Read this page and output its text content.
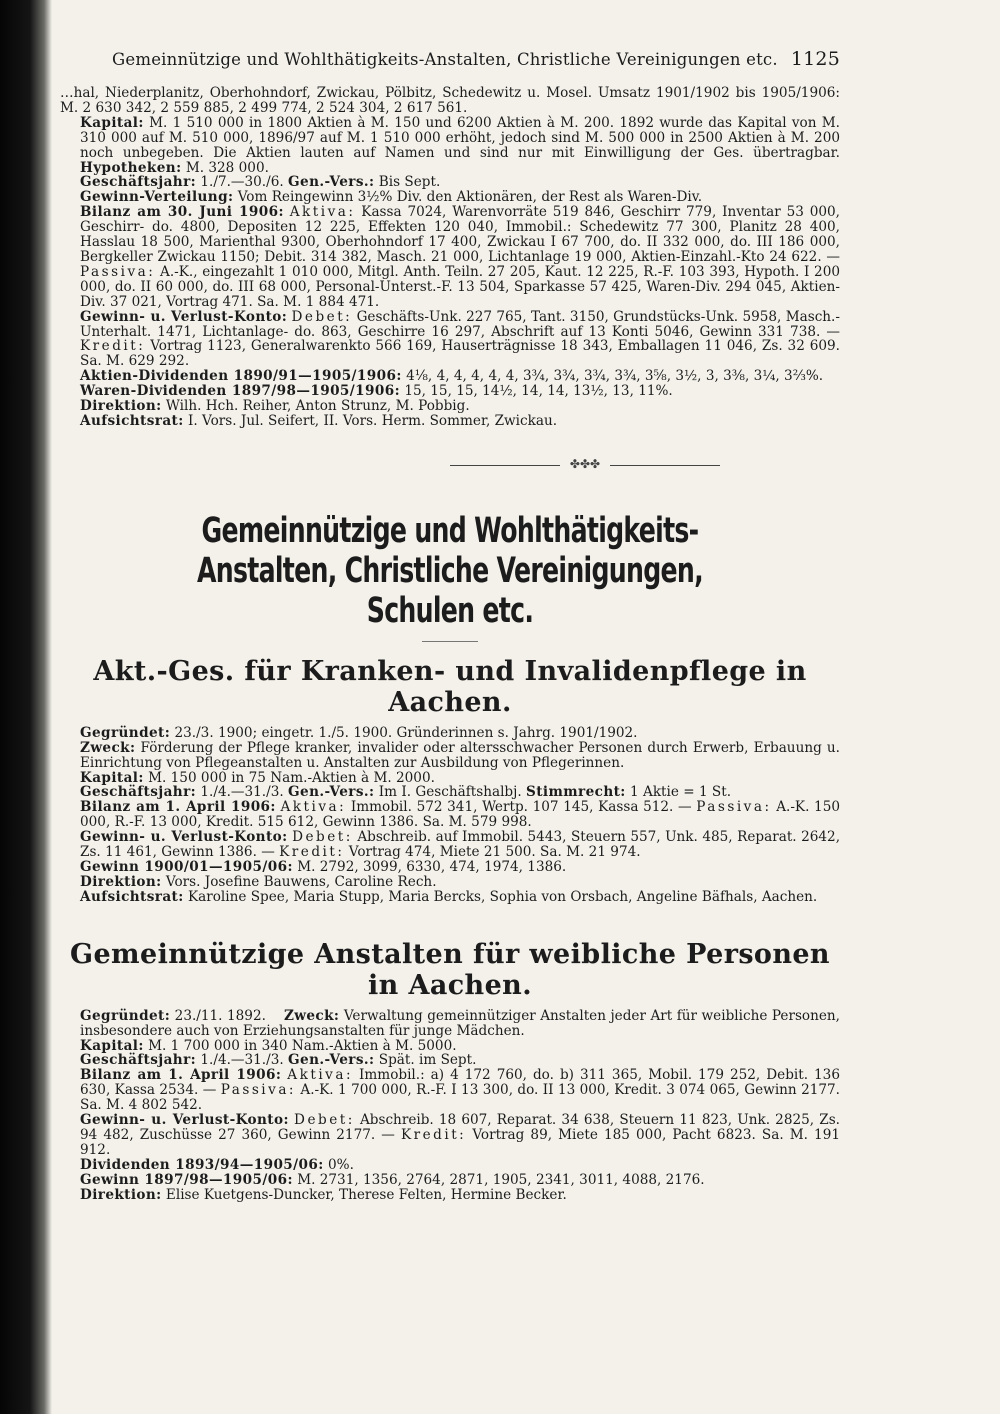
Gemeinnützige und Wohlthätigkeits-Anstalten, Christliche Vereinigungen etc. 1125

…hal, Niederplanitz, Oberhohndorf, Zwickau, Pölbitz, Schedewitz u. Mosel. Umsatz 1901/1902 bis 1905/1906: M. 2 630 342, 2 559 885, 2 499 774, 2 524 304, 2 617 561.

Kapital: M. 1 510 000 in 1800 Aktien à M. 150 und 6200 Aktien à M. 200. 1892 wurde das Kapital von M. 310 000 auf M. 510 000, 1896/97 auf M. 1 510 000 erhöht, jedoch sind M. 500 000 in 2500 Aktien à M. 200 noch unbegeben. Die Aktien lauten auf Namen und sind nur mit Einwilligung der Ges. übertragbar. Hypotheken: M. 328 000.

Geschäftsjahr: 1./7.—30./6. Gen.-Vers.: Bis Sept.

Gewinn-Verteilung: Vom Reingewinn 3½% Div. den Aktionären, der Rest als Waren-Div.

Bilanz am 30. Juni 1906: Aktiva: Kassa 7024, Warenvorräte 519 846, Geschirr 779, Inventar 53 000, Geschirr- do. 4800, Depositen 12 225, Effekten 120 040, Immobil.: Schedewitz 77 300, Planitz 28 400, Hasslau 18 500, Marienthal 9300, Oberhohndorf 17 400, Zwickau I 67 700, do. II 332 000, do. III 186 000, Bergkeller Zwickau 1150; Debit. 314 382, Masch. 21 000, Lichtanlage 19 000, Aktien-Einzahl.-Kto 24 622. — Passiva: A.-K., eingezahlt 1 010 000, Mitgl. Anth. Teiln. 27 205, Kaut. 12 225, R.-F. 103 393, Hypoth. I 200 000, do. II 60 000, do. III 68 000, Personal-Unterst.-F. 13 504, Sparkasse 57 425, Waren-Div. 294 045, Aktien-Div. 37 021, Vortrag 471. Sa. M. 1 884 471.

Gewinn- u. Verlust-Konto: Debet: Geschäfts-Unk. 227 765, Tant. 3150, Grundstücks-Unk. 5958, Masch.-Unterhalt. 1471, Lichtanlage- do. 863, Geschirre 16 297, Abschrift auf 13 Konti 5046, Gewinn 331 738. — Kredit: Vortrag 1123, Generalwarenkto 566 169, Hauserträgnisse 18 343, Emballagen 11 046, Zs. 32 609. Sa. M. 629 292.

Aktien-Dividenden 1890/91—1905/1906: 4⅛, 4, 4, 4, 4, 4, 3¾, 3¾, 3¾, 3¾, 3⅝, 3½, 3, 3⅜, 3¼, 3⅔%.

Waren-Dividenden 1897/98—1905/1906: 15, 15, 15, 14½, 14, 14, 13½, 13, 11%.

Direktion: Wilh. Hch. Reiher, Anton Strunz, M. Pobbig.

Aufsichtsrat: I. Vors. Jul. Seifert, II. Vors. Herm. Sommer, Zwickau.

✤✤✤
Gemeinnützige und Wohlthätigkeits-Anstalten, Christliche Vereinigungen, Schulen etc.
Akt.-Ges. für Kranken- und Invalidenpflege in Aachen.

Gegründet: 23./3. 1900; eingetr. 1./5. 1900. Gründerinnen s. Jahrg. 1901/1902.

Zweck: Förderung der Pflege kranker, invalider oder altersschwacher Personen durch Erwerb, Erbauung u. Einrichtung von Pflegeanstalten u. Anstalten zur Ausbildung von Pflegerinnen.

Kapital: M. 150 000 in 75 Nam.-Aktien à M. 2000.

Geschäftsjahr: 1./4.—31./3. Gen.-Vers.: Im I. Geschäftshalbj. Stimmrecht: 1 Aktie = 1 St.

Bilanz am 1. April 1906: Aktiva: Immobil. 572 341, Wertp. 107 145, Kassa 512. — Passiva: A.-K. 150 000, R.-F. 13 000, Kredit. 515 612, Gewinn 1386. Sa. M. 579 998.

Gewinn- u. Verlust-Konto: Debet: Abschreib. auf Immobil. 5443, Steuern 557, Unk. 485, Reparat. 2642, Zs. 11 461, Gewinn 1386. — Kredit: Vortrag 474, Miete 21 500. Sa. M. 21 974.

Gewinn 1900/01—1905/06: M. 2792, 3099, 6330, 474, 1974, 1386.

Direktion: Vors. Josefine Bauwens, Caroline Rech.

Aufsichtsrat: Karoline Spee, Maria Stupp, Maria Bercks, Sophia von Orsbach, Angeline Bäfhals, Aachen.

Gemeinnützige Anstalten für weibliche Personen in Aachen.

Gegründet: 23./11. 1892. Zweck: Verwaltung gemeinnütziger Anstalten jeder Art für weibliche Personen, insbesondere auch von Erziehungsanstalten für junge Mädchen.

Kapital: M. 1 700 000 in 340 Nam.-Aktien à M. 5000.

Geschäftsjahr: 1./4.—31./3. Gen.-Vers.: Spät. im Sept.

Bilanz am 1. April 1906: Aktiva: Immobil.: a) 4 172 760, do. b) 311 365, Mobil. 179 252, Debit. 136 630, Kassa 2534. — Passiva: A.-K. 1 700 000, R.-F. I 13 300, do. II 13 000, Kredit. 3 074 065, Gewinn 2177. Sa. M. 4 802 542.

Gewinn- u. Verlust-Konto: Debet: Abschreib. 18 607, Reparat. 34 638, Steuern 11 823, Unk. 2825, Zs. 94 482, Zuschüsse 27 360, Gewinn 2177. — Kredit: Vortrag 89, Miete 185 000, Pacht 6823. Sa. M. 191 912.

Dividenden 1893/94—1905/06: 0%.

Gewinn 1897/98—1905/06: M. 2731, 1356, 2764, 2871, 1905, 2341, 3011, 4088, 2176.

Direktion: Elise Kuetgens-Duncker, Therese Felten, Hermine Becker.
